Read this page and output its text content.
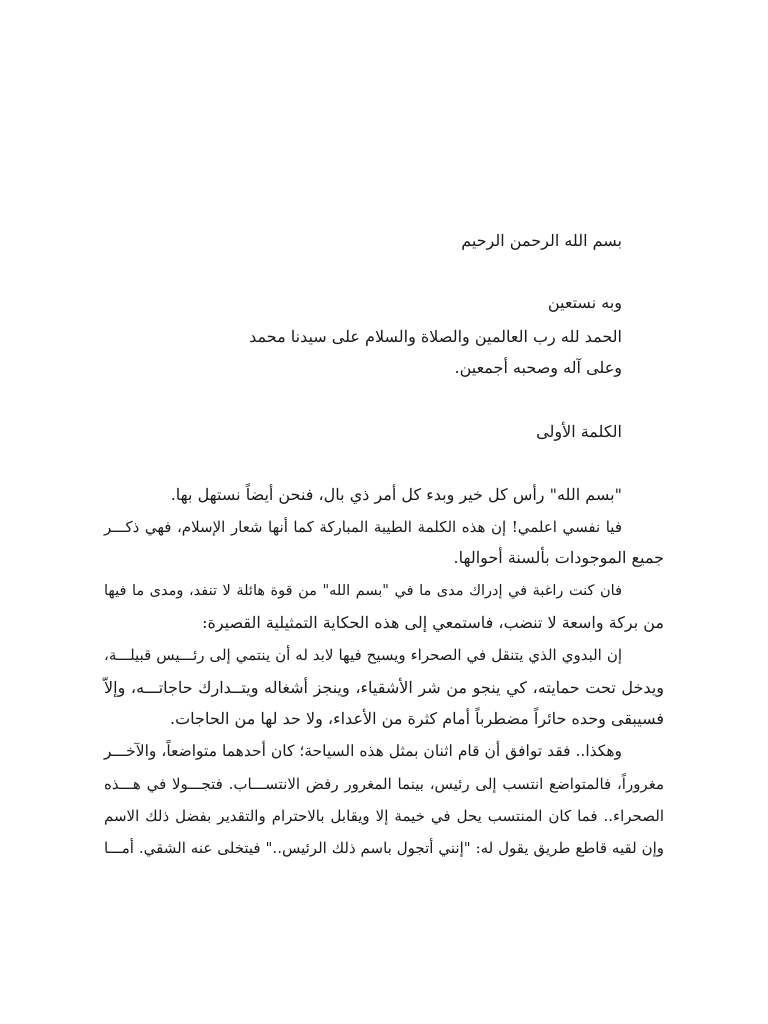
بسم الله الرحمن الرحيم
وبه نستعين
الحمد لله رب العالمين والصلاة والسلام على سيدنا محمد
وعلى آله وصحبه أجمعين.
الكلمة الأولى
"بسم الله" رأس كل خير وبدء كل أمر ذي بال، فنحن أيضاً نستهل بها.
فيا نفسي اعلمي! إن هذه الكلمة الطيبة المباركة كما أنها شعار الإسلام، فهي ذكـــر
جميع الموجودات بألسنة أحوالها.
فان كنت راغبة في إدراك مدى ما في "بسم الله" من قوة هائلة لا تنفد، ومدى ما فيها
من بركة واسعة لا تنضب، فاستمعي إلى هذه الحكاية التمثيلية القصيرة:
إن البدوي الذي يتنقل في الصحراء ويسيح فيها لابد له أن ينتمي إلى رئـــيس قبيلـــة،
ويدخل تحت حمايته، كي ينجو من شر الأشقياء، وينجز أشغاله ويتــدارك حاجاتـــه، وإلاّ
فسيبقى وحده حائراً مضطرباً أمام كثرة من الأعداء، ولا حد لها من الحاجات.
وهكذا.. فقد توافق أن قام اثنان بمثل هذه السياحة؛ كان أحدهما متواضعاً، والآخـــر
مغروراً، فالمتواضع انتسب إلى رئيس، بينما المغرور رفض الانتســـاب. فتجـــولا في هـــذه
الصحراء.. فما كان المنتسب يحل في خيمة إلا ويقابل بالاحترام والتقدير بفضل ذلك الاسم
وإن لقيه قاطع طريق يقول له: "إنني أتجول باسم ذلك الرئيس.." فيتخلى عنه الشقي. أمـــا
